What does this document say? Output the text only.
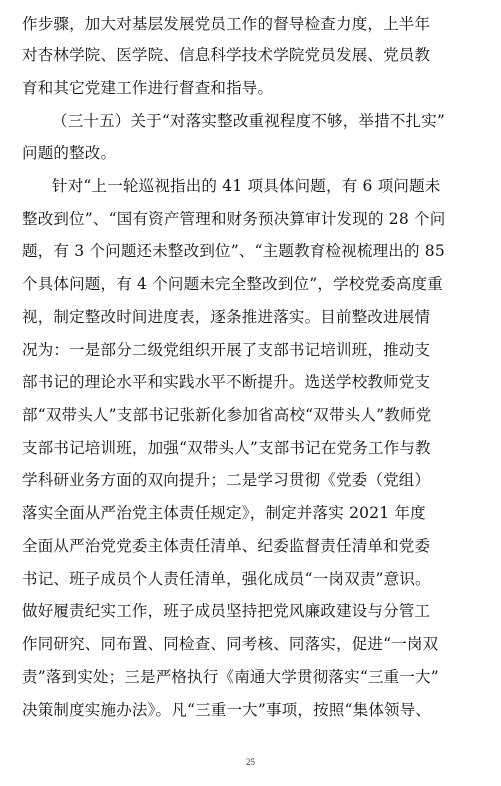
作步骤，加大对基层发展党员工作的督导检查力度，上半年
对杏林学院、医学院、信息科学技术学院党员发展、党员教
育和其它党建工作进行督查和指导。
（三十五）关于“对落实整改重视程度不够，举措不扎实”
问题的整改。
针对“上一轮巡视指出的 41 项具体问题，有 6 项问题未
整改到位”、“国有资产管理和财务预决算审计发现的 28 个问
题，有 3 个问题还未整改到位”、“主题教育检视梳理出的 85
个具体问题，有 4 个问题未完全整改到位”，学校党委高度重
视，制定整改时间进度表，逐条推进落实。目前整改进展情
况为：一是部分二级党组织开展了支部书记培训班，推动支
部书记的理论水平和实践水平不断提升。选送学校教师党支
部“双带头人”支部书记张新化参加省高校“双带头人”教师党
支部书记培训班，加强“双带头人”支部书记在党务工作与教
学科研业务方面的双向提升；二是学习贯彻《党委（党组）
落实全面从严治党主体责任规定》，制定并落实 2021 年度
全面从严治党党委主体责任清单、纪委监督责任清单和党委
书记、班子成员个人责任清单，强化成员“一岗双责”意识。
做好履责纪实工作，班子成员坚持把党风廉政建设与分管工
作同研究、同布置、同检查、同考核、同落实，促进“一岗双
责”落到实处；三是严格执行《南通大学贯彻落实“三重一大”
决策制度实施办法》。凡“三重一大”事项，按照“集体领导、
25
